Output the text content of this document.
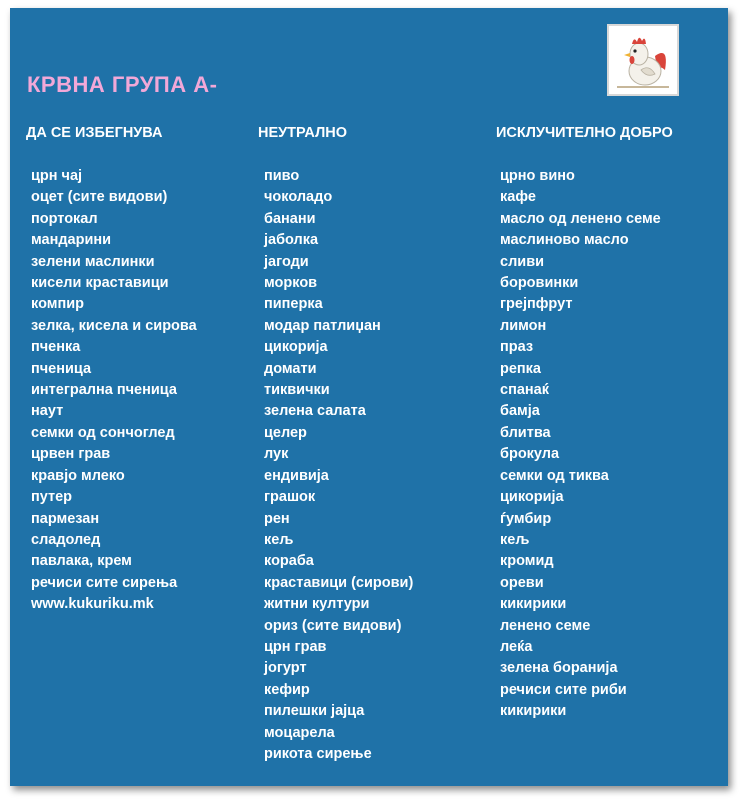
КРВНА ГРУПА А-
ДА СЕ ИЗБЕГНУВА
црн чај
оцет (сите видови)
портокал
мандарини
зелени маслинки
кисели краставици
компир
зелка, кисела и сирова
пченка
пченица
интегрална пченица
наут
семки од сончоглед
црвен грав
кравјо млеко
путер
пармезан
сладолед
павлака, крем
речиси сите сирења
www.kukuriku.mk
НЕУТРАЛНО
пиво
чоколадо
банани
јаболка
јагоди
морков
пиперка
модар патлиџан
цикорија
домати
тиквички
зелена салата
целер
лук
ендивија
грашок
рен
кељ
кораба
краставици (сирови)
житни култури
ориз (сите видови)
црн грав
јогурт
кефир
пилешки јајца
моцарела
рикота сирење
ИСКЛУЧИТЕЛНО ДОБРО
црно вино
кафе
масло од ленено семе
маслиново масло
сливи
боровинки
грејпфрут
лимон
праз
репка
спанаќ
бамја
блитва
брокула
семки од тиква
цикорија
ѓумбир
кељ
кромид
ореви
кикирики
ленено семе
леќа
зелена боранија
речиси сите риби
кикирики
